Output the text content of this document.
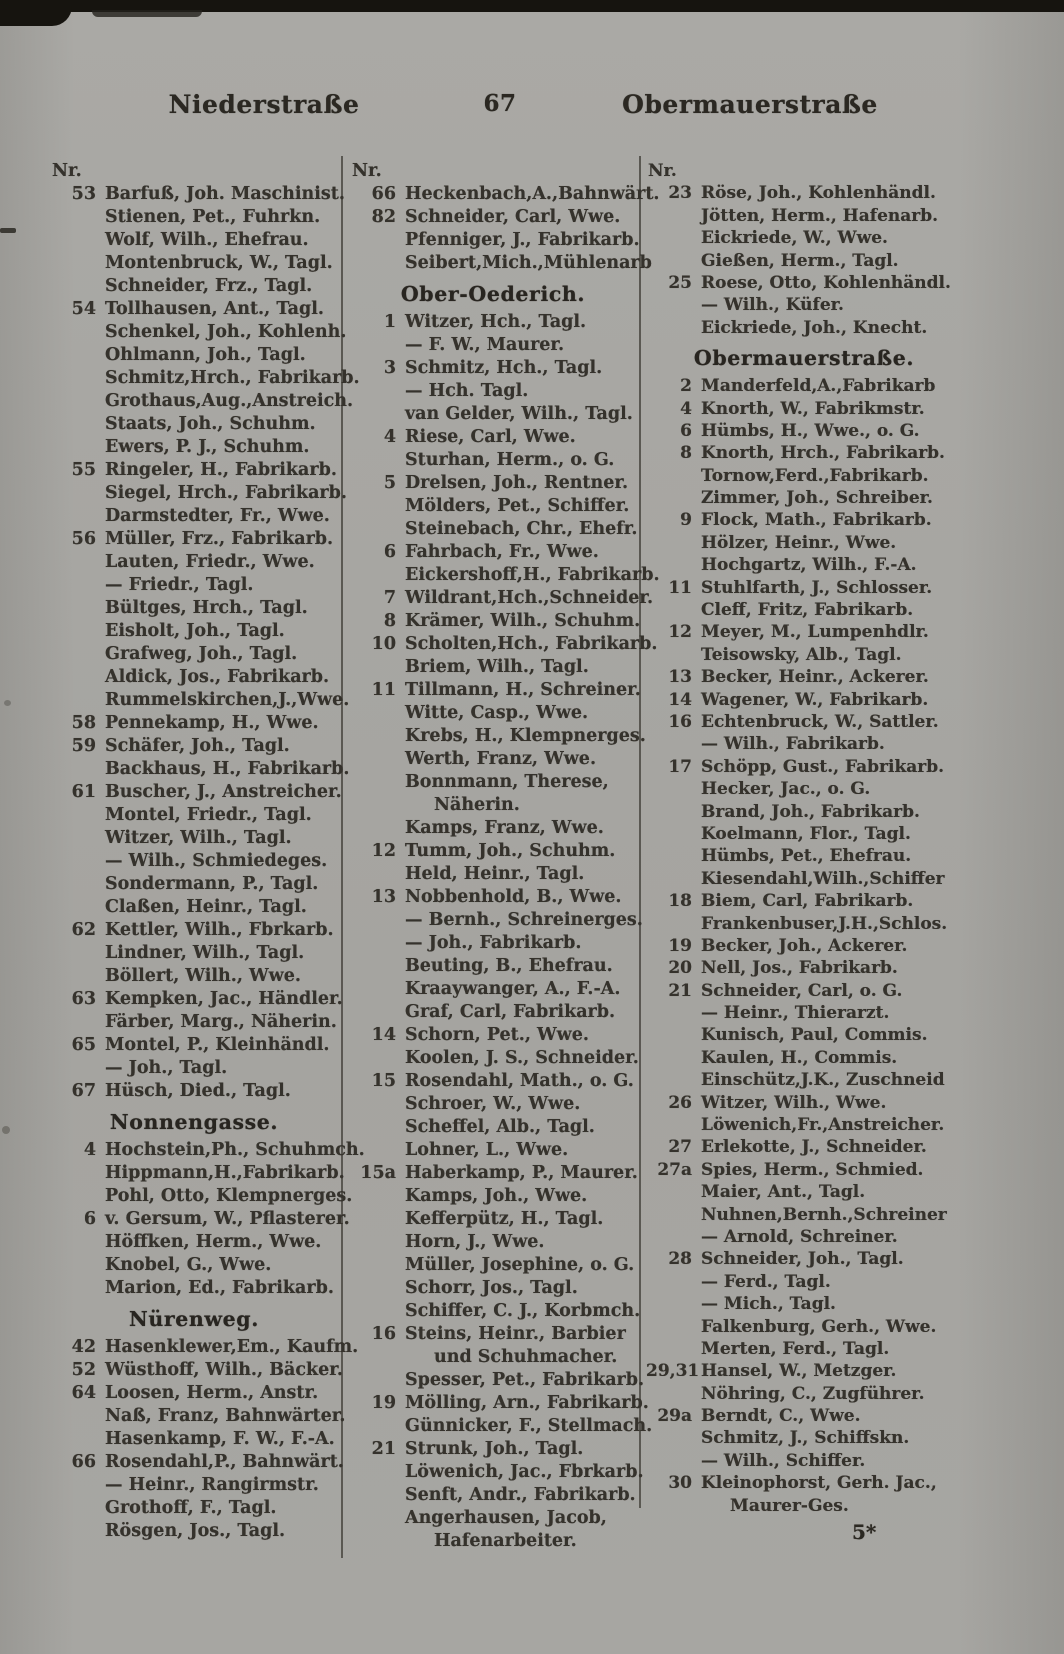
Niederstraße	67	Obermauerstraße
Nr.
53 Barfuß, Joh. Maschinist.
Stienen, Pet., Fuhrkn.
Wolf, Wilh., Ehefrau.
Montenbruck, W., Tagl.
Schneider, Frz., Tagl.
54 Tollhausen, Ant., Tagl.
Schenkel, Joh., Kohlenh.
Ohlmann, Joh., Tagl.
Schmitz,Hrch., Fabrikarb.
Grothaus,Aug.,Anstreich.
Staats, Joh., Schuhm.
Ewers, P. J., Schuhm.
55 Ringeler, H., Fabrikarb.
Siegel, Hrch., Fabrikarb.
Darmstedter, Fr., Wwe.
56 Müller, Frz., Fabrikarb.
Lauten, Friedr., Wwe.
— Friedr., Tagl.
Bültges, Hrch., Tagl.
Eisholt, Joh., Tagl.
Grafweg, Joh., Tagl.
Aldick, Jos., Fabrikarb.
Rummelskirchen,J.,Wwe.
58 Pennekamp, H., Wwe.
59 Schäfer, Joh., Tagl.
Backhaus, H., Fabrikarb.
61 Buscher, J., Anstreicher.
Montel, Friedr., Tagl.
Witzer, Wilh., Tagl.
— Wilh., Schmiedeges.
Sondermann, P., Tagl.
Claßen, Heinr., Tagl.
62 Kettler, Wilh., Fbrkarb.
Lindner, Wilh., Tagl.
Böllert, Wilh., Wwe.
63 Kempken, Jac., Händler.
Färber, Marg., Näherin.
65 Montel, P., Kleinhändl.
— Joh., Tagl.
67 Hüsch, Died., Tagl.
Nonnengasse.
4 Hochstein,Ph., Schuhmch.
Hippmann,H.,Fabrikarb.
Pohl, Otto, Klempnerges.
6 v. Gersum, W., Pflasterer.
Höffken, Herm., Wwe.
Knobel, G., Wwe.
Marion, Ed., Fabrikarb.
Nürenweg.
42 Hasenklewer,Em., Kaufm.
52 Wüsthoff, Wilh., Bäcker.
64 Loosen, Herm., Anstr.
Naß, Franz, Bahnwärter.
Hasenkamp, F. W., F.-A.
66 Rosendahl,P., Bahnwärt.
— Heinr., Rangirmstr.
Grothoff, F., Tagl.
Rösgen, Jos., Tagl.
Nr.
66 Heckenbach,A.,Bahnwärt.
82 Schneider, Carl, Wwe.
Pfenniger, J., Fabrikarb.
Seibert,Mich.,Mühlenarb
Ober-Oederich.
1 Witzer, Hch., Tagl.
— F. W., Maurer.
3 Schmitz, Hch., Tagl.
— Hch. Tagl.
van Gelder, Wilh., Tagl.
4 Riese, Carl, Wwe.
Sturhan, Herm., o. G.
5 Drelsen, Joh., Rentner.
Mölders, Pet., Schiffer.
Steinebach, Chr., Ehefr.
6 Fahrbach, Fr., Wwe.
Eickershoff,H., Fabrikarb.
7 Wildrant,Hch.,Schneider.
8 Krämer, Wilh., Schuhm.
10 Scholten,Hch., Fabrikarb.
Briem, Wilh., Tagl.
11 Tillmann, H., Schreiner.
Witte, Casp., Wwe.
Krebs, H., Klempnerges.
Werth, Franz, Wwe.
Bonnmann, Therese,
Näherin.
Kamps, Franz, Wwe.
12 Tumm, Joh., Schuhm.
Held, Heinr., Tagl.
13 Nobbenhold, B., Wwe.
— Bernh., Schreinerges.
— Joh., Fabrikarb.
Beuting, B., Ehefrau.
Kraaywanger, A., F.-A.
Graf, Carl, Fabrikarb.
14 Schorn, Pet., Wwe.
Koolen, J. S., Schneider.
15 Rosendahl, Math., o. G.
Schroer, W., Wwe.
Scheffel, Alb., Tagl.
Lohner, L., Wwe.
15a Haberkamp, P., Maurer.
Kamps, Joh., Wwe.
Kefferpütz, H., Tagl.
Horn, J., Wwe.
Müller, Josephine, o. G.
Schorr, Jos., Tagl.
Schiffer, C. J., Korbmch.
16 Steins, Heinr., Barbier
und Schuhmacher.
Spesser, Pet., Fabrikarb.
19 Mölling, Arn., Fabrikarb.
Günnicker, F., Stellmach.
21 Strunk, Joh., Tagl.
Löwenich, Jac., Fbrkarb.
Senft, Andr., Fabrikarb.
Angerhausen, Jacob,
Hafenarbeiter.
Nr.
23 Röse, Joh., Kohlenhändl.
Jötten, Herm., Hafenarb.
Eickriede, W., Wwe.
Gießen, Herm., Tagl.
25 Roese, Otto, Kohlenhändl.
— Wilh., Küfer.
Eickriede, Joh., Knecht.
Obermauerstraße.
2 Manderfeld,A.,Fabrikarb
4 Knorth, W., Fabrikmstr.
6 Hümbs, H., Wwe., o. G.
8 Knorth, Hrch., Fabrikarb.
Tornow,Ferd.,Fabrikarb.
Zimmer, Joh., Schreiber.
9 Flock, Math., Fabrikarb.
Hölzer, Heinr., Wwe.
Hochgartz, Wilh., F.-A.
11 Stuhlfarth, J., Schlosser.
Cleff, Fritz, Fabrikarb.
12 Meyer, M., Lumpenhdlr.
Teisowsky, Alb., Tagl.
13 Becker, Heinr., Ackerer.
14 Wagener, W., Fabrikarb.
16 Echtenbruck, W., Sattler.
— Wilh., Fabrikarb.
17 Schöpp, Gust., Fabrikarb.
Hecker, Jac., o. G.
Brand, Joh., Fabrikarb.
Koelmann, Flor., Tagl.
Hümbs, Pet., Ehefrau.
Kiesendahl,Wilh.,Schiffer
18 Biem, Carl, Fabrikarb.
Frankenbuser,J.H.,Schlos.
19 Becker, Joh., Ackerer.
20 Nell, Jos., Fabrikarb.
21 Schneider, Carl, o. G.
— Heinr., Thierarzt.
Kunisch, Paul, Commis.
Kaulen, H., Commis.
Einschütz,J.K., Zuschneid
26 Witzer, Wilh., Wwe.
Löwenich,Fr.,Anstreicher.
27 Erlekotte, J., Schneider.
27a Spies, Herm., Schmied.
Maier, Ant., Tagl.
Nuhnen,Bernh.,Schreiner
— Arnold, Schreiner.
28 Schneider, Joh., Tagl.
— Ferd., Tagl.
— Mich., Tagl.
Falkenburg, Gerh., Wwe.
Merten, Ferd., Tagl.
29,31 Hansel, W., Metzger.
Nöhring, C., Zugführer.
29a Berndt, C., Wwe.
Schmitz, J., Schiffskn.
— Wilh., Schiffer.
30 Kleinophorst, Gerh. Jac.,
Maurer-Ges.
5*
